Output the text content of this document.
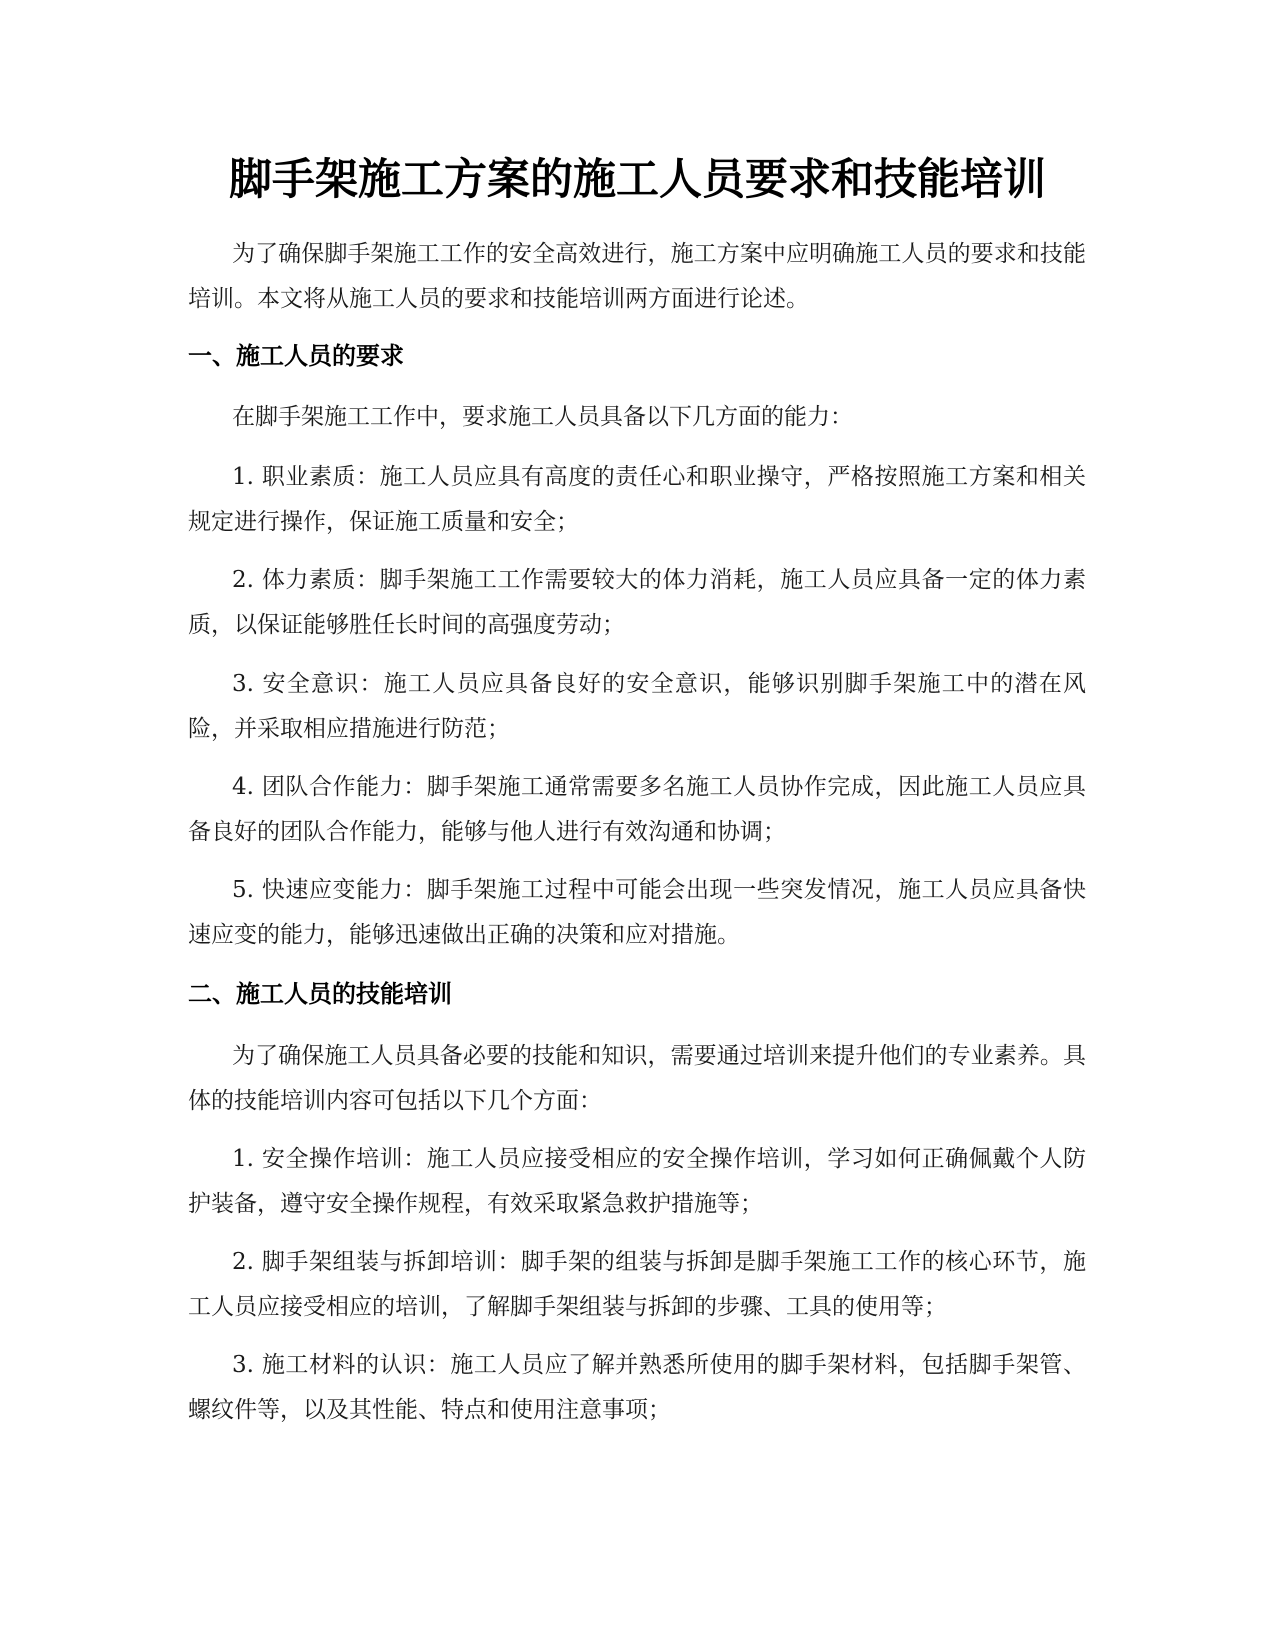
脚手架施工方案的施工人员要求和技能培训

为了确保脚手架施工工作的安全高效进行，施工方案中应明确施工人员的要求和技能培训。本文将从施工人员的要求和技能培训两方面进行论述。

一、施工人员的要求

在脚手架施工工作中，要求施工人员具备以下几方面的能力：

1. 职业素质：施工人员应具有高度的责任心和职业操守，严格按照施工方案和相关规定进行操作，保证施工质量和安全；

2. 体力素质：脚手架施工工作需要较大的体力消耗，施工人员应具备一定的体力素质，以保证能够胜任长时间的高强度劳动；

3. 安全意识：施工人员应具备良好的安全意识，能够识别脚手架施工中的潜在风险，并采取相应措施进行防范；

4. 团队合作能力：脚手架施工通常需要多名施工人员协作完成，因此施工人员应具备良好的团队合作能力，能够与他人进行有效沟通和协调；

5. 快速应变能力：脚手架施工过程中可能会出现一些突发情况，施工人员应具备快速应变的能力，能够迅速做出正确的决策和应对措施。

二、施工人员的技能培训

为了确保施工人员具备必要的技能和知识，需要通过培训来提升他们的专业素养。具体的技能培训内容可包括以下几个方面：

1. 安全操作培训：施工人员应接受相应的安全操作培训，学习如何正确佩戴个人防护装备，遵守安全操作规程，有效采取紧急救护措施等；

2. 脚手架组装与拆卸培训：脚手架的组装与拆卸是脚手架施工工作的核心环节，施工人员应接受相应的培训，了解脚手架组装与拆卸的步骤、工具的使用等；

3. 施工材料的认识：施工人员应了解并熟悉所使用的脚手架材料，包括脚手架管、螺纹件等，以及其性能、特点和使用注意事项；
